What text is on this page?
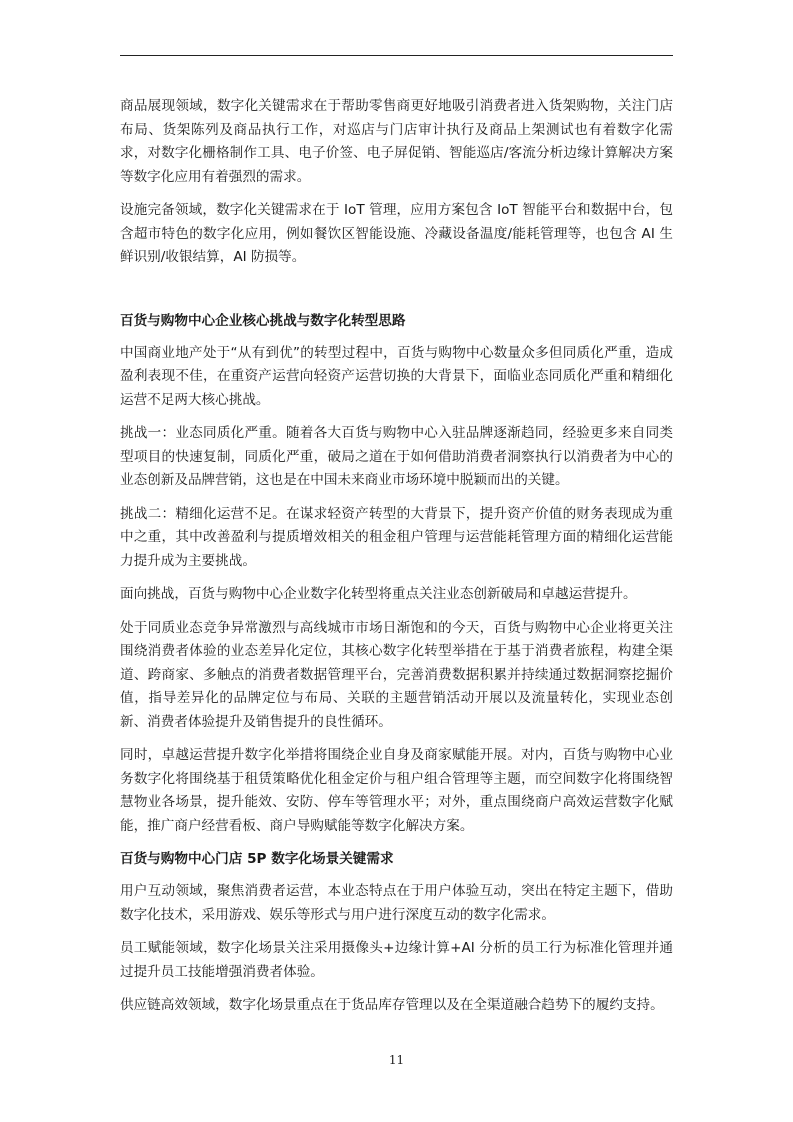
商品展现领域，数字化关键需求在于帮助零售商更好地吸引消费者进入货架购物，关注门店布局、货架陈列及商品执行工作，对巡店与门店审计执行及商品上架测试也有着数字化需求，对数字化栅格制作工具、电子价签、电子屏促销、智能巡店/客流分析边缘计算解决方案等数字化应用有着强烈的需求。

设施完备领域，数字化关键需求在于 IoT 管理，应用方案包含 IoT 智能平台和数据中台，包含超市特色的数字化应用，例如餐饮区智能设施、冷藏设备温度/能耗管理等，也包含 AI 生鲜识别/收银结算，AI 防损等。

百货与购物中心企业核心挑战与数字化转型思路

中国商业地产处于“从有到优”的转型过程中，百货与购物中心数量众多但同质化严重，造成盈利表现不佳，在重资产运营向轻资产运营切换的大背景下，面临业态同质化严重和精细化运营不足两大核心挑战。

挑战一：业态同质化严重。随着各大百货与购物中心入驻品牌逐渐趋同，经验更多来自同类型项目的快速复制，同质化严重，破局之道在于如何借助消费者洞察执行以消费者为中心的业态创新及品牌营销，这也是在中国未来商业市场环境中脱颖而出的关键。

挑战二：精细化运营不足。在谋求轻资产转型的大背景下，提升资产价值的财务表现成为重中之重，其中改善盈利与提质增效相关的租金租户管理与运营能耗管理方面的精细化运营能力提升成为主要挑战。

面向挑战，百货与购物中心企业数字化转型将重点关注业态创新破局和卓越运营提升。

处于同质业态竞争异常激烈与高线城市市场日渐饱和的今天，百货与购物中心企业将更关注围绕消费者体验的业态差异化定位，其核心数字化转型举措在于基于消费者旅程，构建全渠道、跨商家、多触点的消费者数据管理平台，完善消费数据积累并持续通过数据洞察挖掘价值，指导差异化的品牌定位与布局、关联的主题营销活动开展以及流量转化，实现业态创新、消费者体验提升及销售提升的良性循环。

同时，卓越运营提升数字化举措将围绕企业自身及商家赋能开展。对内，百货与购物中心业务数字化将围绕基于租赁策略优化租金定价与租户组合管理等主题，而空间数字化将围绕智慧物业各场景，提升能效、安防、停车等管理水平；对外，重点围绕商户高效运营数字化赋能，推广商户经营看板、商户导购赋能等数字化解决方案。

百货与购物中心门店 5P 数字化场景关键需求

用户互动领域，聚焦消费者运营，本业态特点在于用户体验互动，突出在特定主题下，借助数字化技术，采用游戏、娱乐等形式与用户进行深度互动的数字化需求。

员工赋能领域，数字化场景关注采用摄像头+边缘计算+AI 分析的员工行为标准化管理并通过提升员工技能增强消费者体验。

供应链高效领域，数字化场景重点在于货品库存管理以及在全渠道融合趋势下的履约支持。

11
